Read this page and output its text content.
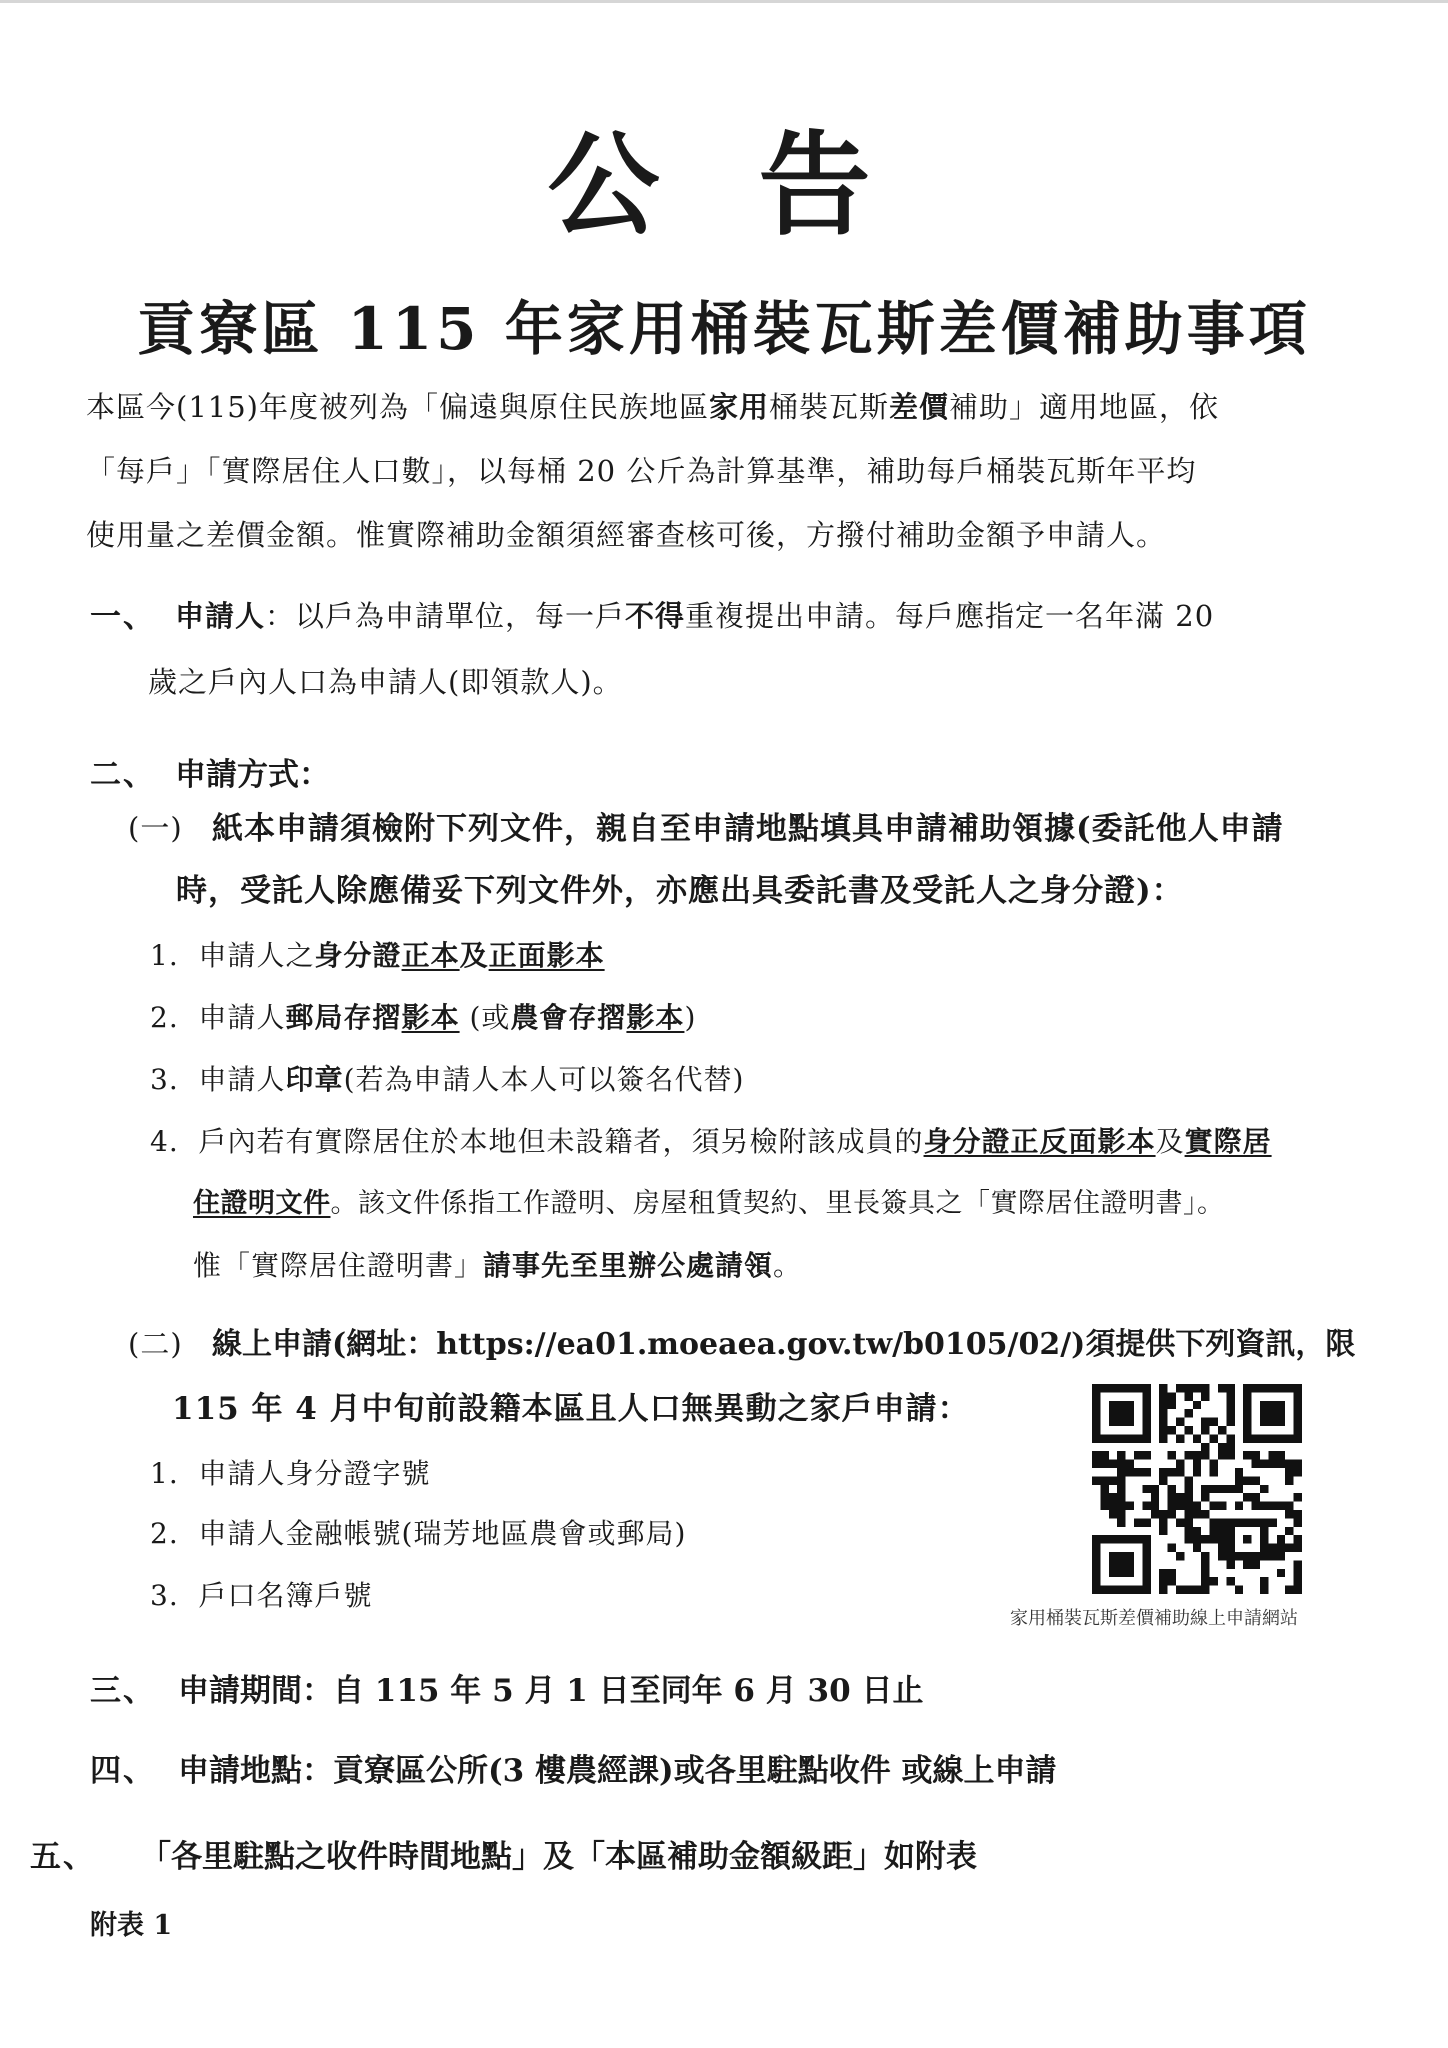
公 告
貢寮區 115 年家用桶裝瓦斯差價補助事項
本區今(115)年度被列為「偏遠與原住民族地區家用桶裝瓦斯差價補助」適用地區，依
「每戶」「實際居住人口數」，以每桶 20 公斤為計算基準，補助每戶桶裝瓦斯年平均
使用量之差價金額。惟實際補助金額須經審查核可後，方撥付補助金額予申請人。
一、 申請人：以戶為申請單位，每一戶不得重複提出申請。每戶應指定一名年滿 20
歲之戶內人口為申請人(即領款人)。
二、 申請方式：
(一) 紙本申請須檢附下列文件，親自至申請地點填具申請補助領據(委託他人申請
時，受託人除應備妥下列文件外，亦應出具委託書及受託人之身分證)：
1. 申請人之身分證正本及正面影本
2. 申請人郵局存摺影本 (或農會存摺影本)
3. 申請人印章(若為申請人本人可以簽名代替)
4. 戶內若有實際居住於本地但未設籍者，須另檢附該成員的身分證正反面影本及實際居
住證明文件。該文件係指工作證明、房屋租賃契約、里長簽具之「實際居住證明書」。
惟「實際居住證明書」請事先至里辦公處請領。
(二) 線上申請(網址：https://ea01.moeaea.gov.tw/b0105/02/)須提供下列資訊，限
115 年 4 月中旬前設籍本區且人口無異動之家戶申請：
1. 申請人身分證字號
2. 申請人金融帳號(瑞芳地區農會或郵局)
3. 戶口名簿戶號
家用桶裝瓦斯差價補助線上申請網站
三、 申請期間：自 115 年 5 月 1 日至同年 6 月 30 日止
四、 申請地點：貢寮區公所(3 樓農經課)或各里駐點收件 或線上申請
五、 「各里駐點之收件時間地點」及「本區補助金額級距」如附表
附表 1
